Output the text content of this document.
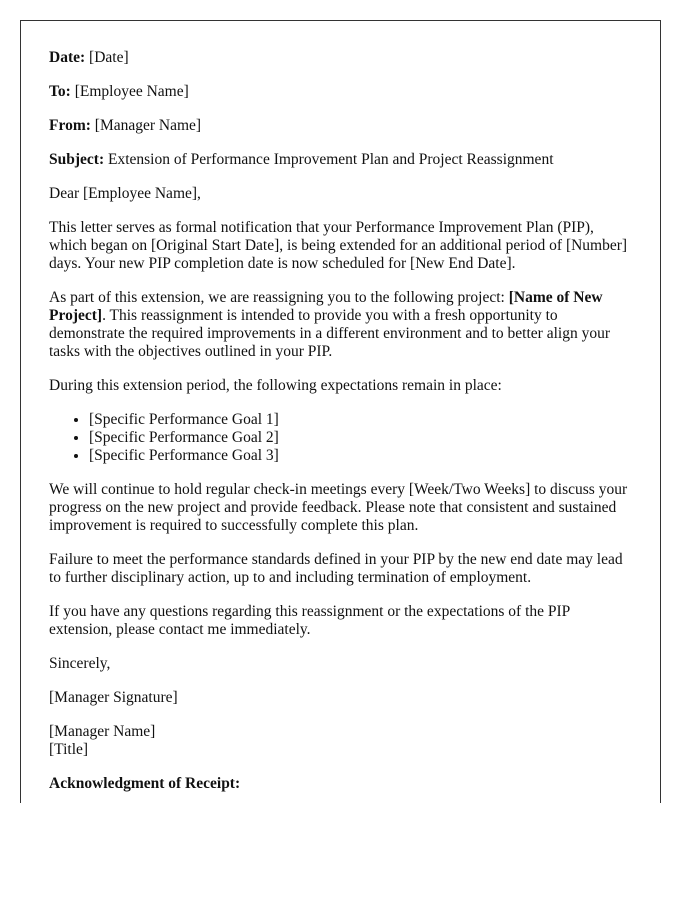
Date: [Date]

To: [Employee Name]

From: [Manager Name]

Subject: Extension of Performance Improvement Plan and Project Reassignment

Dear [Employee Name],

This letter serves as formal notification that your Performance Improvement Plan (PIP), which began on [Original Start Date], is being extended for an additional period of [Number] days. Your new PIP completion date is now scheduled for [New End Date].

As part of this extension, we are reassigning you to the following project: [Name of New Project]. This reassignment is intended to provide you with a fresh opportunity to demonstrate the required improvements in a different environment and to better align your tasks with the objectives outlined in your PIP.

During this extension period, the following expectations remain in place:

• [Specific Performance Goal 1]
• [Specific Performance Goal 2]
• [Specific Performance Goal 3]

We will continue to hold regular check-in meetings every [Week/Two Weeks] to discuss your progress on the new project and provide feedback. Please note that consistent and sustained improvement is required to successfully complete this plan.

Failure to meet the performance standards defined in your PIP by the new end date may lead to further disciplinary action, up to and including termination of employment.

If you have any questions regarding this reassignment or the expectations of the PIP extension, please contact me immediately.

Sincerely,

[Manager Signature]

[Manager Name]
[Title]

Acknowledgment of Receipt:
